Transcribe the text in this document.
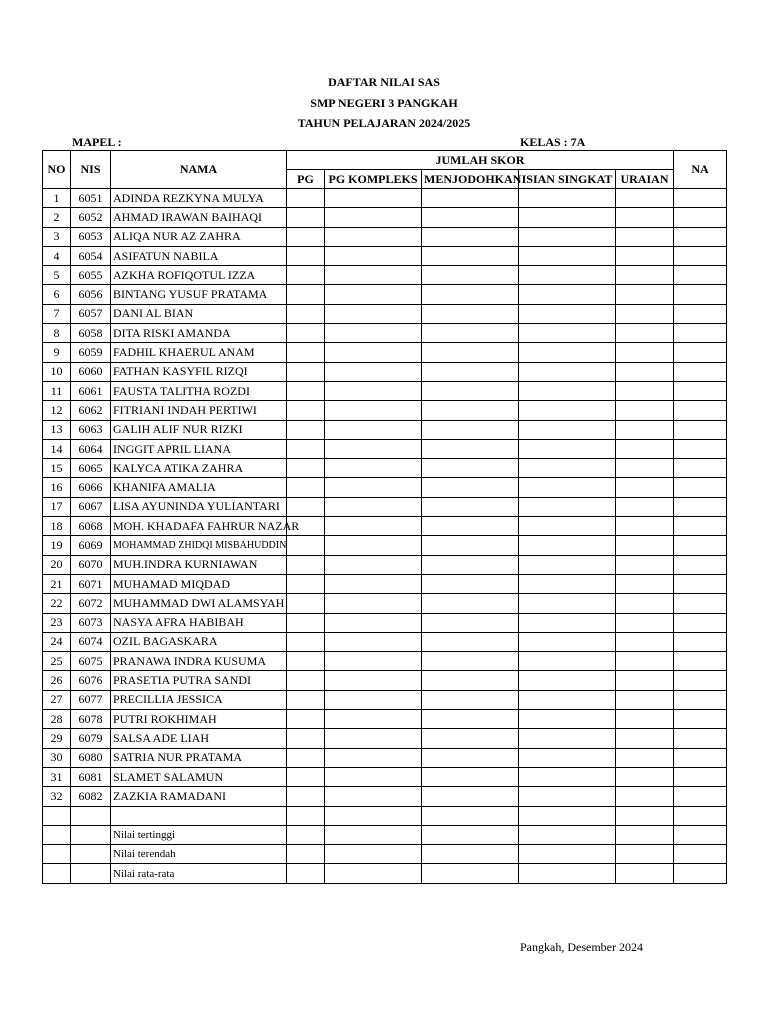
DAFTAR NILAI SAS
SMP NEGERI 3 PANGKAH
TAHUN PELAJARAN 2024/2025
MAPEL :	KELAS : 7A
NO	NIS	NAMA	JUMLAH SKOR					NA
			PG	PG KOMPLEKS	MENJODOHKAN	ISIAN SINGKAT	URAIAN	
1	6051	ADINDA REZKYNA MULYA						
2	6052	AHMAD IRAWAN BAIHAQI						
3	6053	ALIQA NUR AZ ZAHRA						
4	6054	ASIFATUN NABILA						
5	6055	AZKHA ROFIQOTUL IZZA						
6	6056	BINTANG YUSUF PRATAMA						
7	6057	DANI AL BIAN						
8	6058	DITA RISKI AMANDA						
9	6059	FADHIL KHAERUL ANAM						
10	6060	FATHAN KASYFIL RIZQI						
11	6061	FAUSTA TALITHA ROZDI						
12	6062	FITRIANI INDAH PERTIWI						
13	6063	GALIH ALIF NUR RIZKI						
14	6064	INGGIT APRIL LIANA						
15	6065	KALYCA ATIKA ZAHRA						
16	6066	KHANIFA AMALIA						
17	6067	LISA AYUNINDA YULIANTARI						
18	6068	MOH. KHADAFA FAHRUR NAZAR						
19	6069	MOHAMMAD ZHIDQI MISBAHUDDIN						
20	6070	MUH.INDRA KURNIAWAN						
21	6071	MUHAMAD MIQDAD						
22	6072	MUHAMMAD DWI ALAMSYAH						
23	6073	NASYA AFRA HABIBAH						
24	6074	OZIL BAGASKARA						
25	6075	PRANAWA INDRA KUSUMA						
26	6076	PRASETIA PUTRA SANDI						
27	6077	PRECILLIA JESSICA						
28	6078	PUTRI ROKHIMAH						
29	6079	SALSA ADE LIAH						
30	6080	SATRIA NUR PRATAMA						
31	6081	SLAMET SALAMUN						
32	6082	ZAZKIA RAMADANI						

		Nilai tertinggi						
		Nilai terendah						
		Nilai rata-rata						
Pangkah, Desember 2024
